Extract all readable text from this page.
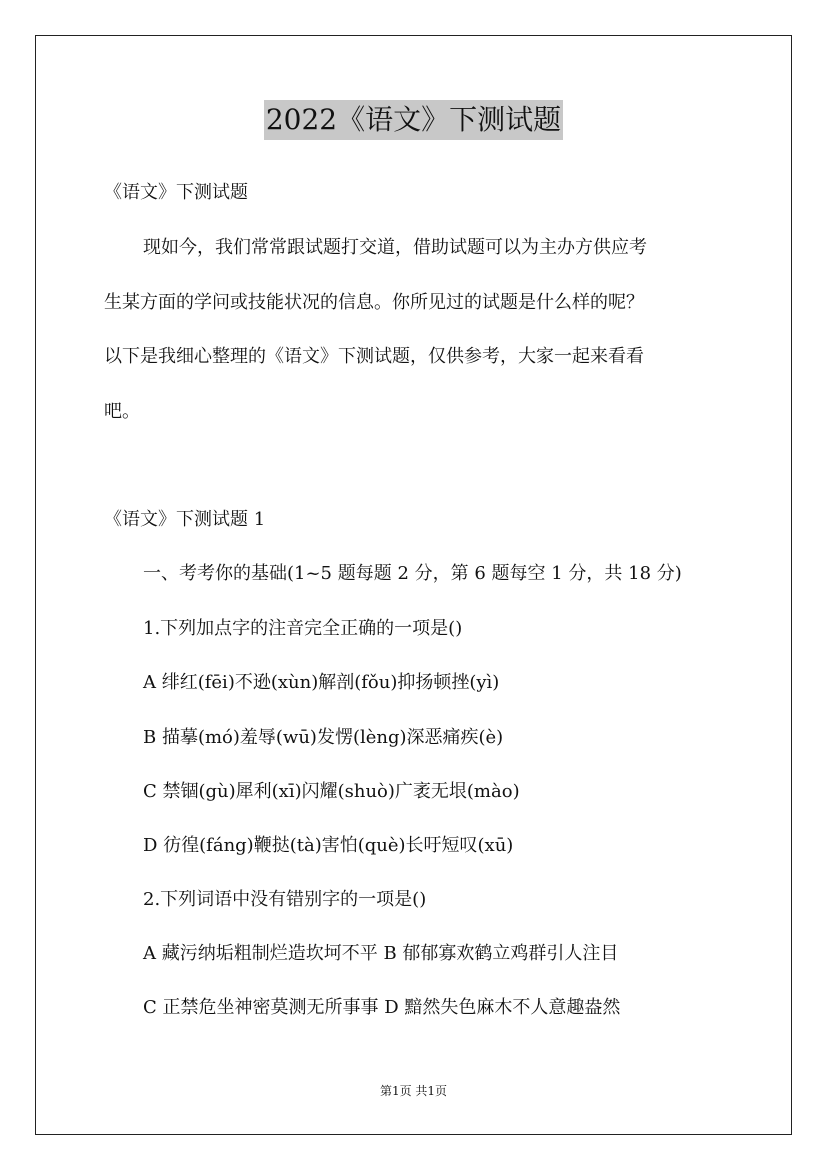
2022《语文》下测试题
《语文》下测试题
现如今，我们常常跟试题打交道，借助试题可以为主办方供应考
生某方面的学问或技能状况的信息。你所见过的试题是什么样的呢？
以下是我细心整理的《语文》下测试题，仅供参考，大家一起来看看
吧。
《语文》下测试题 1
一、考考你的基础(1~5 题每题 2 分，第 6 题每空 1 分，共 18 分)
1.下列加点字的注音完全正确的一项是()
A 绯红(fēi)不逊(xùn)解剖(fǒu)抑扬顿挫(yì)
B 描摹(mó)羞辱(wū)发愣(lèng)深恶痛疾(è)
C 禁锢(gù)犀利(xī)闪耀(shuò)广袤无垠(mào)
D 彷徨(fáng)鞭挞(tà)害怕(què)长吁短叹(xū)
2.下列词语中没有错别字的一项是()
A 藏污纳垢粗制烂造坎坷不平 B 郁郁寡欢鹤立鸡群引人注目
C 正禁危坐神密莫测无所事事 D 黯然失色麻木不人意趣盎然
第1页 共1页
